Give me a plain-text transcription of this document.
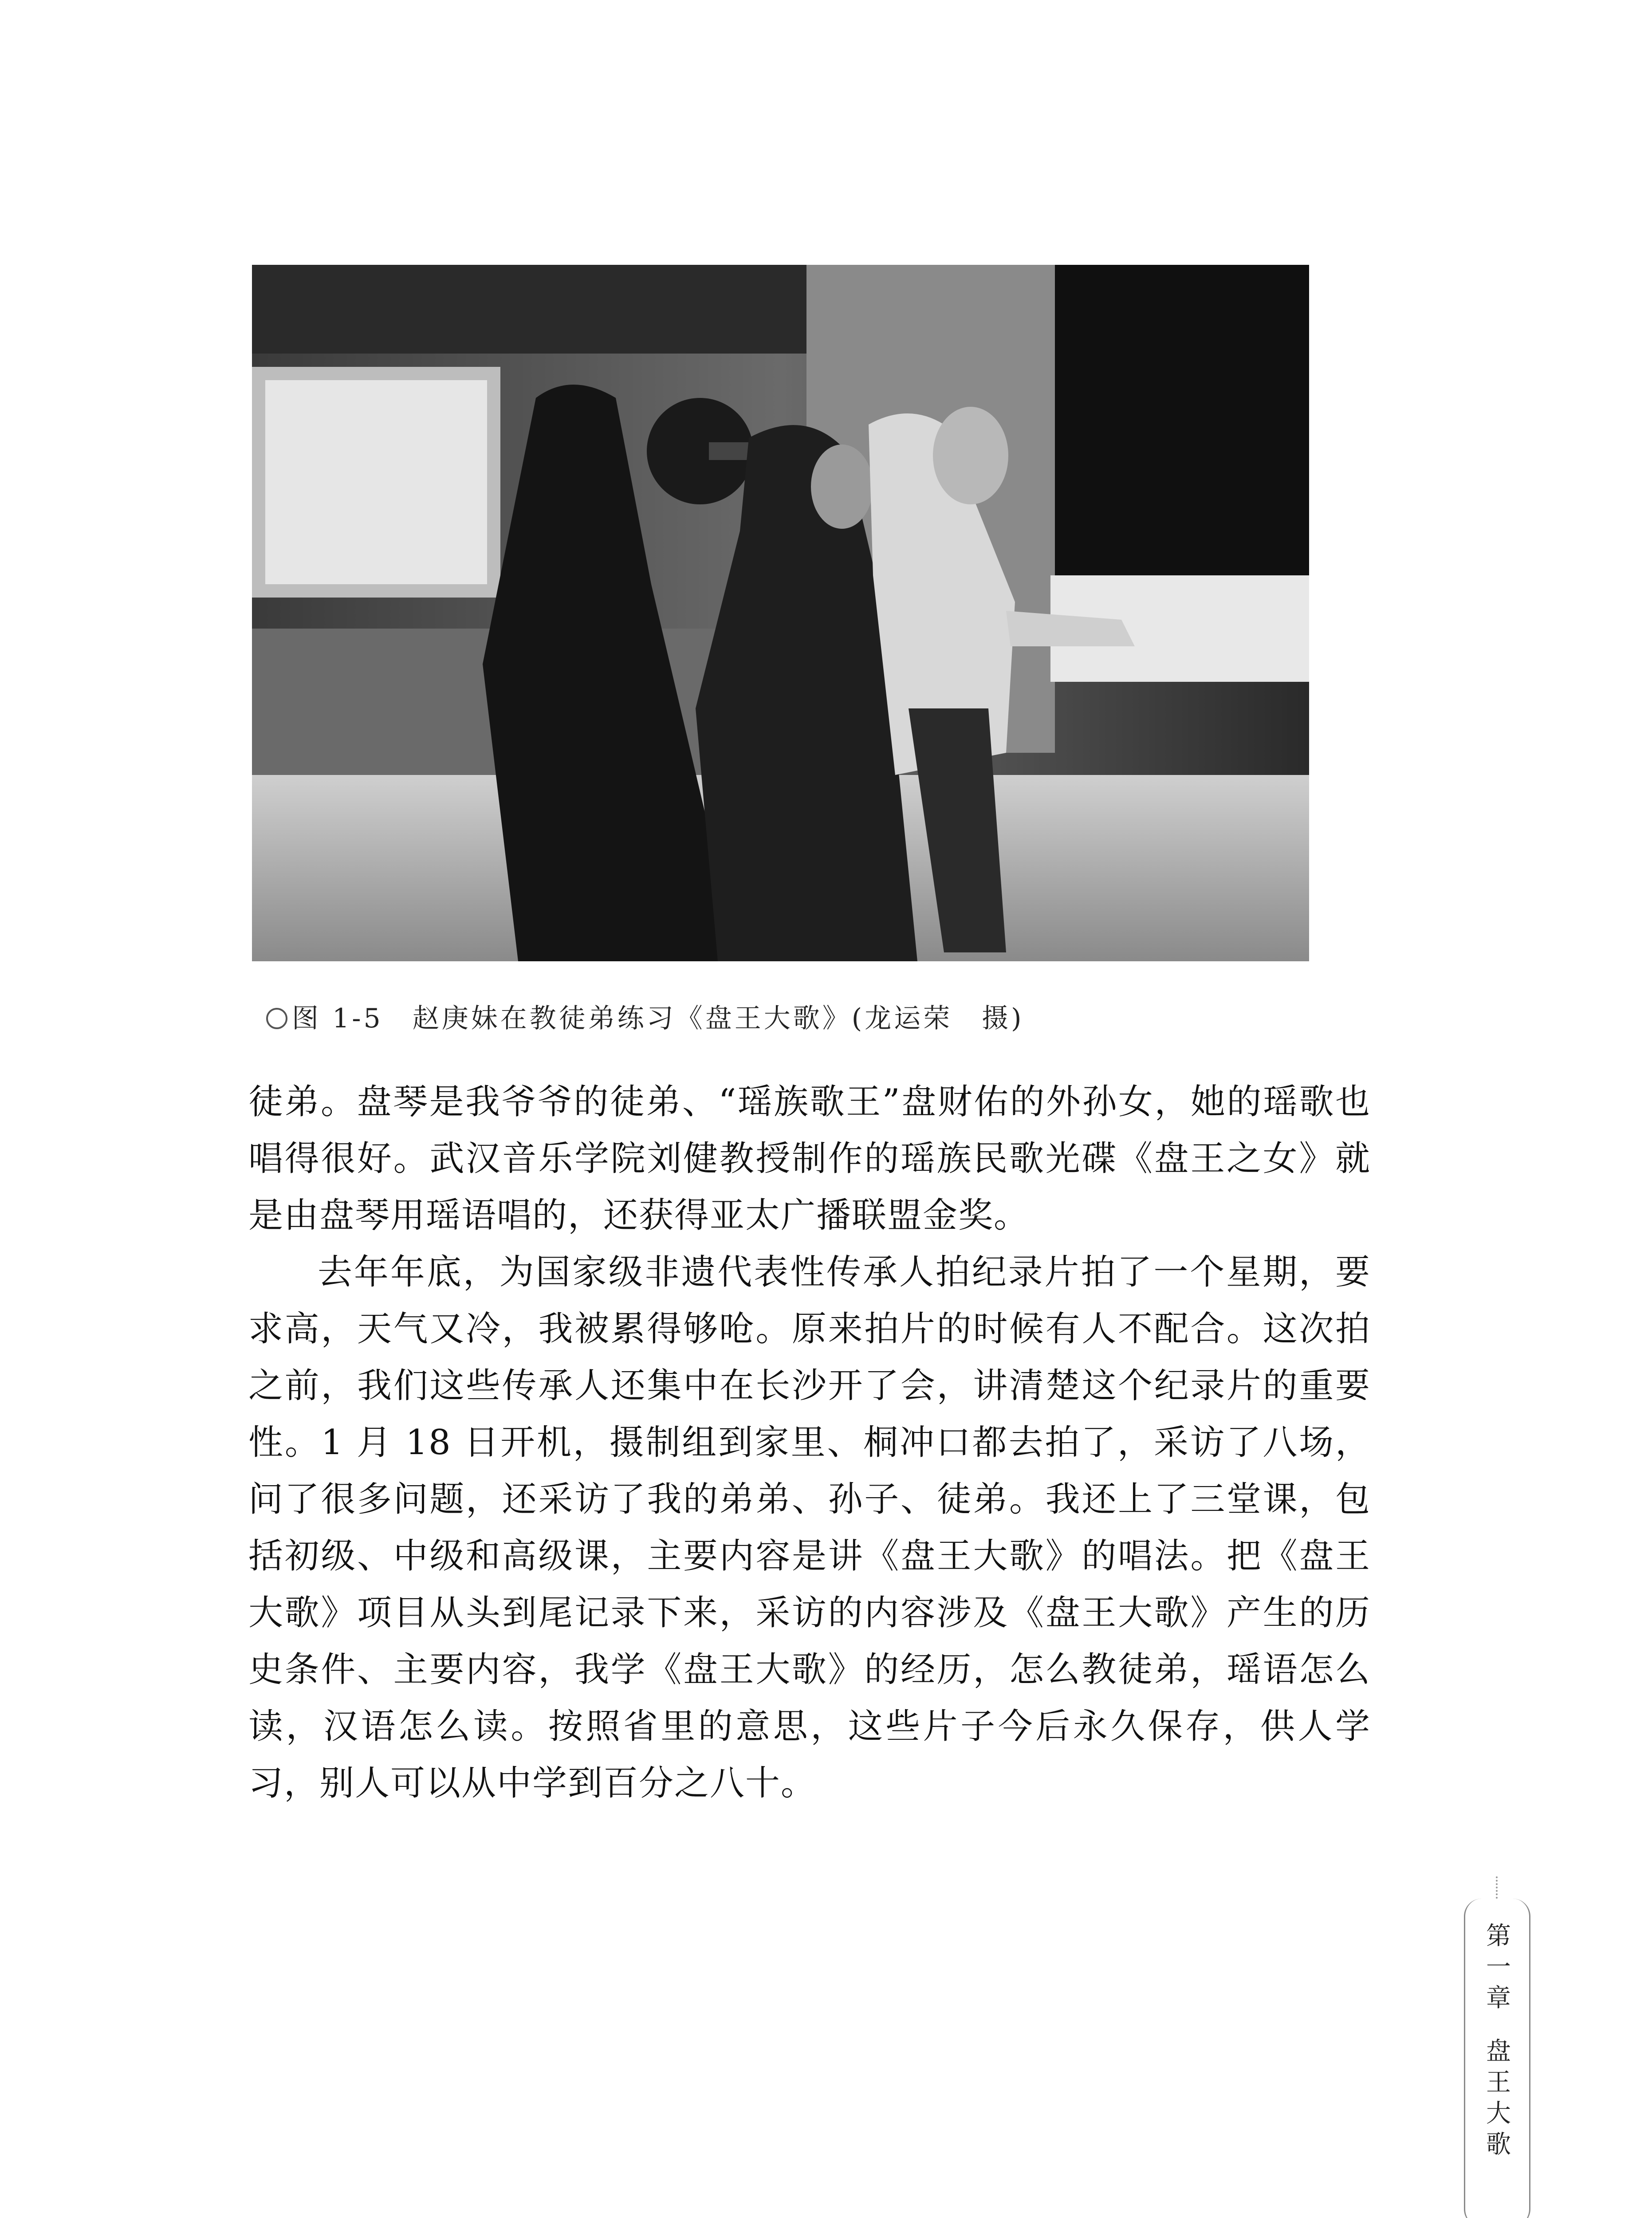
图 1-5　 赵庚妹在教徒弟练习《盘王大歌》(龙运荣　摄)

徒弟。盘琴是我爷爷的徒弟、“瑶族歌王”盘财佑的外孙女，她的瑶歌也唱得很好。武汉音乐学院刘健教授制作的瑶族民歌光碟《盘王之女》就是由盘琴用瑶语唱的，还获得亚太广播联盟金奖。

去年年底，为国家级非遗代表性传承人拍纪录片拍了一个星期，要求高，天气又冷，我被累得够呛。原来拍片的时候有人不配合。这次拍之前，我们这些传承人还集中在长沙开了会，讲清楚这个纪录片的重要性。1 月 18 日开机，摄制组到家里、桐冲口都去拍了，采访了八场，问了很多问题，还采访了我的弟弟、孙子、徒弟。我还上了三堂课，包括初级、中级和高级课，主要内容是讲《盘王大歌》的唱法。把《盘王大歌》项目从头到尾记录下来，采访的内容涉及《盘王大歌》产生的历史条件、主要内容，我学《盘王大歌》的经历，怎么教徒弟，瑶语怎么读，汉语怎么读。按照省里的意思，这些片子今后永久保存，供人学习，别人可以从中学到百分之八十。

第
一
章
盘
王
大
歌
